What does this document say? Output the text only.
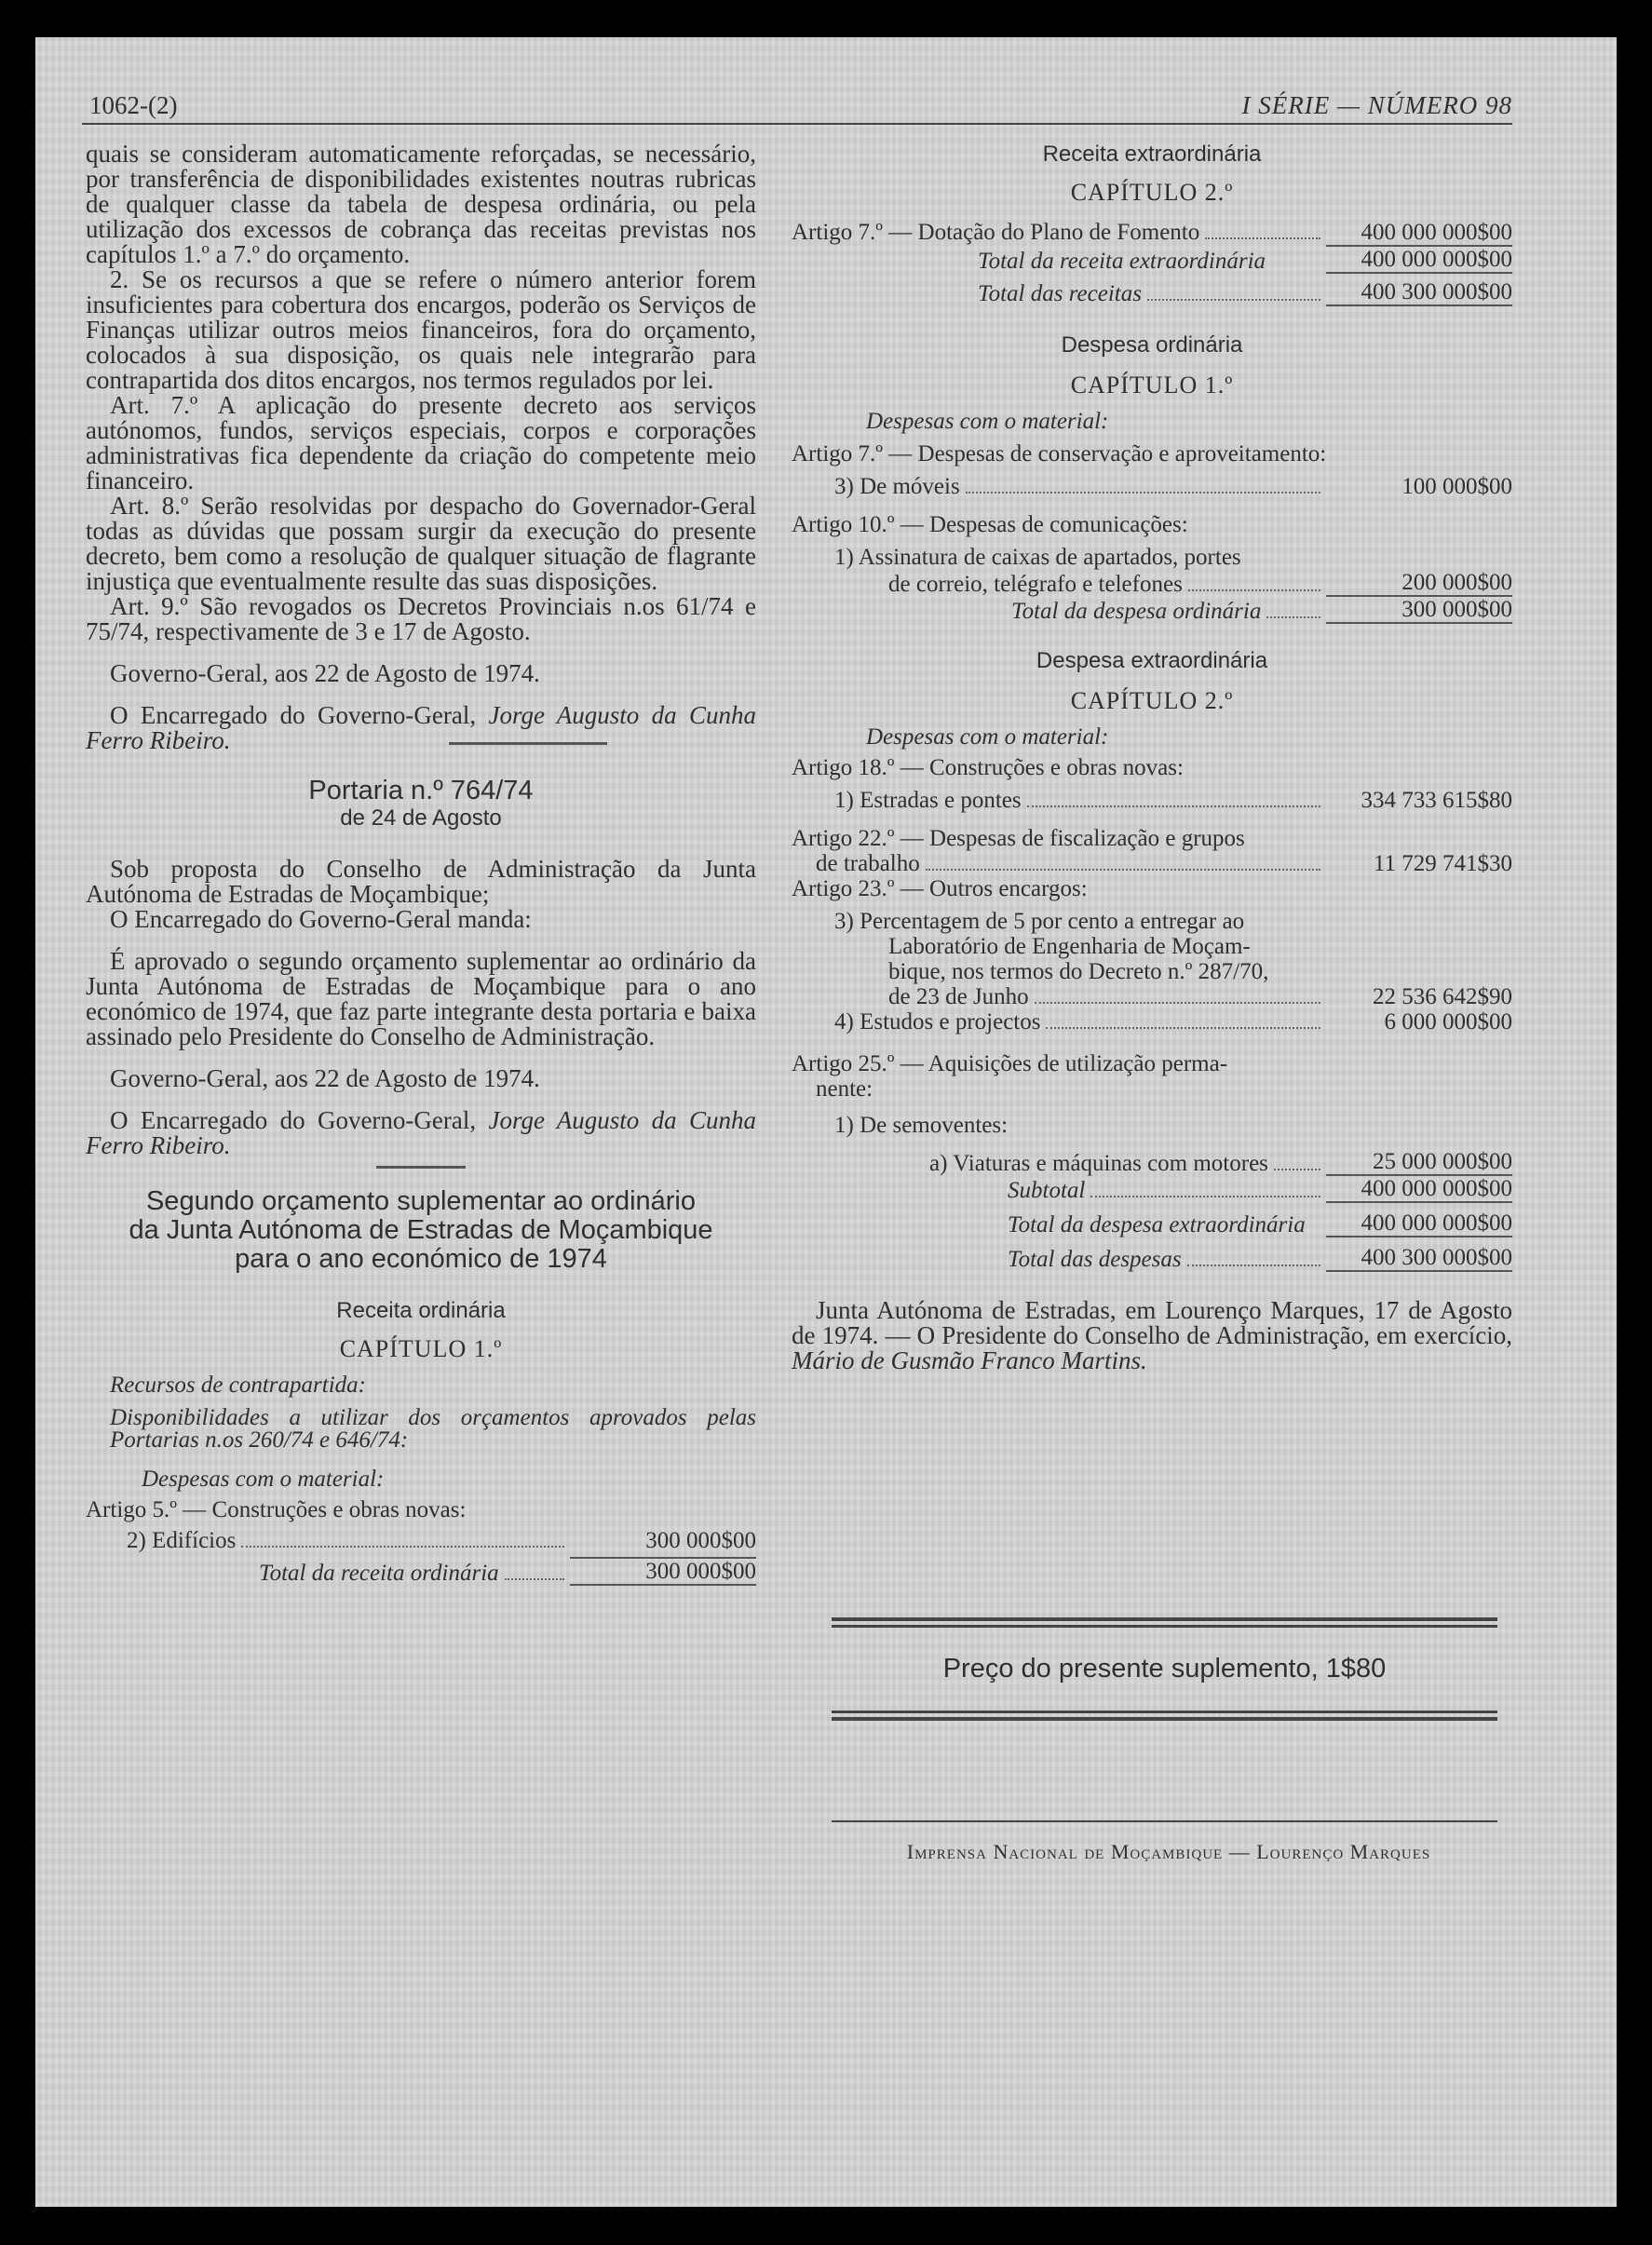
1062-(2)	I SÉRIE — NÚMERO 98

quais se consideram automaticamente reforçadas, se necessário, por transferência de disponibilidades existentes noutras rubricas de qualquer classe da tabela de despesa ordinária, ou pela utilização dos excessos de cobrança das receitas previstas nos capítulos 1.º a 7.º do orçamento.

2. Se os recursos a que se refere o número anterior forem insuficientes para cobertura dos encargos, poderão os Serviços de Finanças utilizar outros meios financeiros, fora do orçamento, colocados à sua disposição, os quais nele integrarão para contrapartida dos ditos encargos, nos termos regulados por lei.

Art. 7.º A aplicação do presente decreto aos serviços autónomos, fundos, serviços especiais, corpos e corporações administrativas fica dependente da criação do competente meio financeiro.

Art. 8.º Serão resolvidas por despacho do Governador-Geral todas as dúvidas que possam surgir da execução do presente decreto, bem como a resolução de qualquer situação de flagrante injustiça que eventualmente resulte das suas disposições.

Art. 9.º São revogados os Decretos Provinciais n.os 61/74 e 75/74, respectivamente de 3 e 17 de Agosto.

Governo-Geral, aos 22 de Agosto de 1974.

O Encarregado do Governo-Geral, Jorge Augusto da Cunha Ferro Ribeiro.

Portaria n.º 764/74

de 24 de Agosto

Sob proposta do Conselho de Administração da Junta Autónoma de Estradas de Moçambique;

O Encarregado do Governo-Geral manda:

É aprovado o segundo orçamento suplementar ao ordinário da Junta Autónoma de Estradas de Moçambique para o ano económico de 1974, que faz parte integrante desta portaria e baixa assinado pelo Presidente do Conselho de Administração.

Governo-Geral, aos 22 de Agosto de 1974.

O Encarregado do Governo-Geral, Jorge Augusto da Cunha Ferro Ribeiro.

Segundo orçamento suplementar ao ordinário

da Junta Autónoma de Estradas de Moçambique

para o ano económico de 1974

Receita ordinária

CAPÍTULO 1.º

Recursos de contrapartida:

Disponibilidades a utilizar dos orçamentos aprovados pelas Portarias n.os 260/74 e 646/74:

Despesas com o material:

Artigo 5.º — Construções e obras novas:

2) Edifícios	300 000$00
Total da receita ordinária	300 000$00

Receita extraordinária

CAPÍTULO 2.º

Artigo 7.º — Dotação do Plano de Fomento	400 000 000$00
Total da receita extraordinária	400 000 000$00
Total das receitas	400 300 000$00

Despesa ordinária

CAPÍTULO 1.º

Despesas com o material:

Artigo 7.º — Despesas de conservação e aproveitamento:

3) De móveis	100 000$00

Artigo 10.º — Despesas de comunicações:

1) Assinatura de caixas de apartados, portes

de correio, telégrafo e telefones	200 000$00
Total da despesa ordinária	300 000$00

Despesa extraordinária

CAPÍTULO 2.º

Despesas com o material:

Artigo 18.º — Construções e obras novas:

1) Estradas e pontes	334 733 615$80

Artigo 22.º — Despesas de fiscalização e grupos

de trabalho	11 729 741$30

Artigo 23.º — Outros encargos:

3) Percentagem de 5 por cento a entregar ao

Laboratório de Engenharia de Moçam-

bique, nos termos do Decreto n.º 287/70,

de 23 de Junho	22 536 642$90
4) Estudos e projectos	6 000 000$00

Artigo 25.º — Aquisições de utilização perma-

nente:

1) De semoventes:

a) Viaturas e máquinas com motores	25 000 000$00
Subtotal	400 000 000$00
Total da despesa extraordinária	400 000 000$00
Total das despesas	400 300 000$00

Junta Autónoma de Estradas, em Lourenço Marques, 17 de Agosto de 1974. — O Presidente do Conselho de Administração, em exercício, Mário de Gusmão Franco Martins.

Preço do presente suplemento, 1$80
Imprensa Nacional de Moçambique — Lourenço Marques
